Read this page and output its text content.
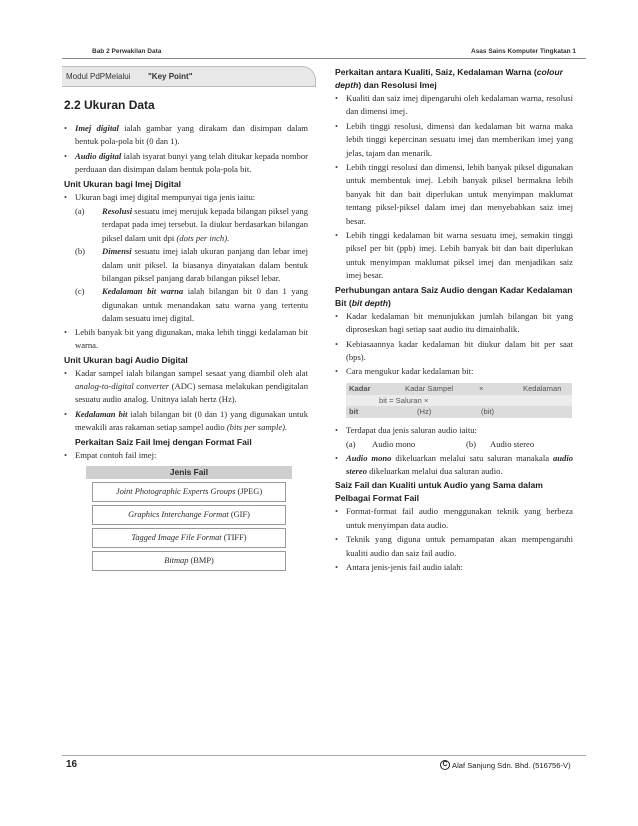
Bab 2 Perwakilan Data	Asas Sains Komputer Tingkatan 1
Modul PdPMelalui	"Key Point"
2.2 Ukuran Data
• Imej digital ialah gambar yang dirakam dan disimpan dalam bentuk pola-pola bit (0 dan 1).
• Audio digital ialah isyarat bunyi yang telah ditukar kepada nombor perduaan dan disimpan dalam bentuk pola-pola bit.
Unit Ukuran bagi Imej Digital
• Ukuran bagi imej digital mempunyai tiga jenis iaitu:
(a) Resolusi sesuatu imej merujuk kepada bilangan piksel yang terdapat pada imej tersebut. Ia diukur berdasarkan bilangan piksel dalam unit dpi (dots per inch).
(b) Dimensi sesuatu imej ialah ukuran panjang dan lebar imej dalam unit piksel. Ia biasanya dinyatakan dalam bentuk bilangan piksel panjang darab bilangan piksel lebar.
(c) Kedalaman bit warna ialah bilangan bit 0 dan 1 yang digunakan untuk menandakan satu warna yang tertentu dalam sesuatu imej digital.
• Lebih banyak bit yang digunakan, maka lebih tinggi kedalaman bit warna.
Unit Ukuran bagi Audio Digital
• Kadar sampel ialah bilangan sampel sesaat yang diambil oleh alat analog-to-digital converter (ADC) semasa melakukan pendigitalan sesuatu audio analog. Unitnya ialah hertz (Hz).
• Kedalaman bit ialah bilangan bit (0 dan 1) yang digunakan untuk mewakili aras rakaman setiap sampel audio (bits per sample).
Perkaitan Saiz Fail Imej dengan Format Fail
• Empat contoh fail imej:
Jenis Fail
Joint Photographic Experts Groups (JPEG)
Graphics Interchange Format (GIF)
Tagged Image File Format (TIFF)
Bitmap (BMP)
Perkaitan antara Kualiti, Saiz, Kedalaman Warna (colour depth) dan Resolusi Imej
• Kualiti dan saiz imej dipengaruhi oleh kedalaman warna, resolusi dan dimensi imej.
• Lebih tinggi resolusi, dimensi dan kedalaman bit warna maka lebih tinggi kepercinan sesuatu imej dan memberikan imej yang jelas, tajam dan menarik.
• Lebih tinggi resolusi dan dimensi, lebih banyak piksel digunakan untuk membentuk imej. Lebih banyak piksel bermakna lebih banyak bit dan bait diperlukan untuk menyimpan maklumat tentang piksel-piksel dalam imej dan menyebabkan saiz imej besar.
• Lebih tinggi kedalaman bit warna sesuatu imej, semakin tinggi piksel per bit (ppb) imej. Lebih banyak bit dan bait diperlukan untuk menyimpan maklumat piksel imej dan menjadikan saiz imej besar.
Perhubungan antara Saiz Audio dengan Kadar Kedalaman Bit (bit depth)
• Kadar kedalaman bit menunjukkan jumlah bilangan bit yang diproseskan bagi setiap saat audio itu dimainbalik.
• Kebiasaannya kadar kedalaman bit diukur dalam bit per saat (bps).
• Cara mengukur kadar kedalaman bit:
Kadar	Kadar Sampel	×	Kedalaman
bit = Saluran ×
bit	(Hz)	(bit)
• Terdapat dua jenis saluran audio iaitu:
(a)	Audio mono	(b)	Audio stereo
• Audio mono dikeluarkan melalui satu saluran manakala audio stereo dikeluarkan melalui dua saluran audio.
Saiz Fail dan Kualiti untuk Audio yang Sama dalam Pelbagai Format Fail
• Format-format fail audio menggunakan teknik yang berbeza untuk menyimpan data audio.
• Teknik yang diguna untuk pemampatan akan mempengaruhi kualiti audio dan saiz fail audio.
• Antara jenis-jenis fail audio ialah:
16	C Alaf Sanjung Sdn. Bhd. (516756-V)
